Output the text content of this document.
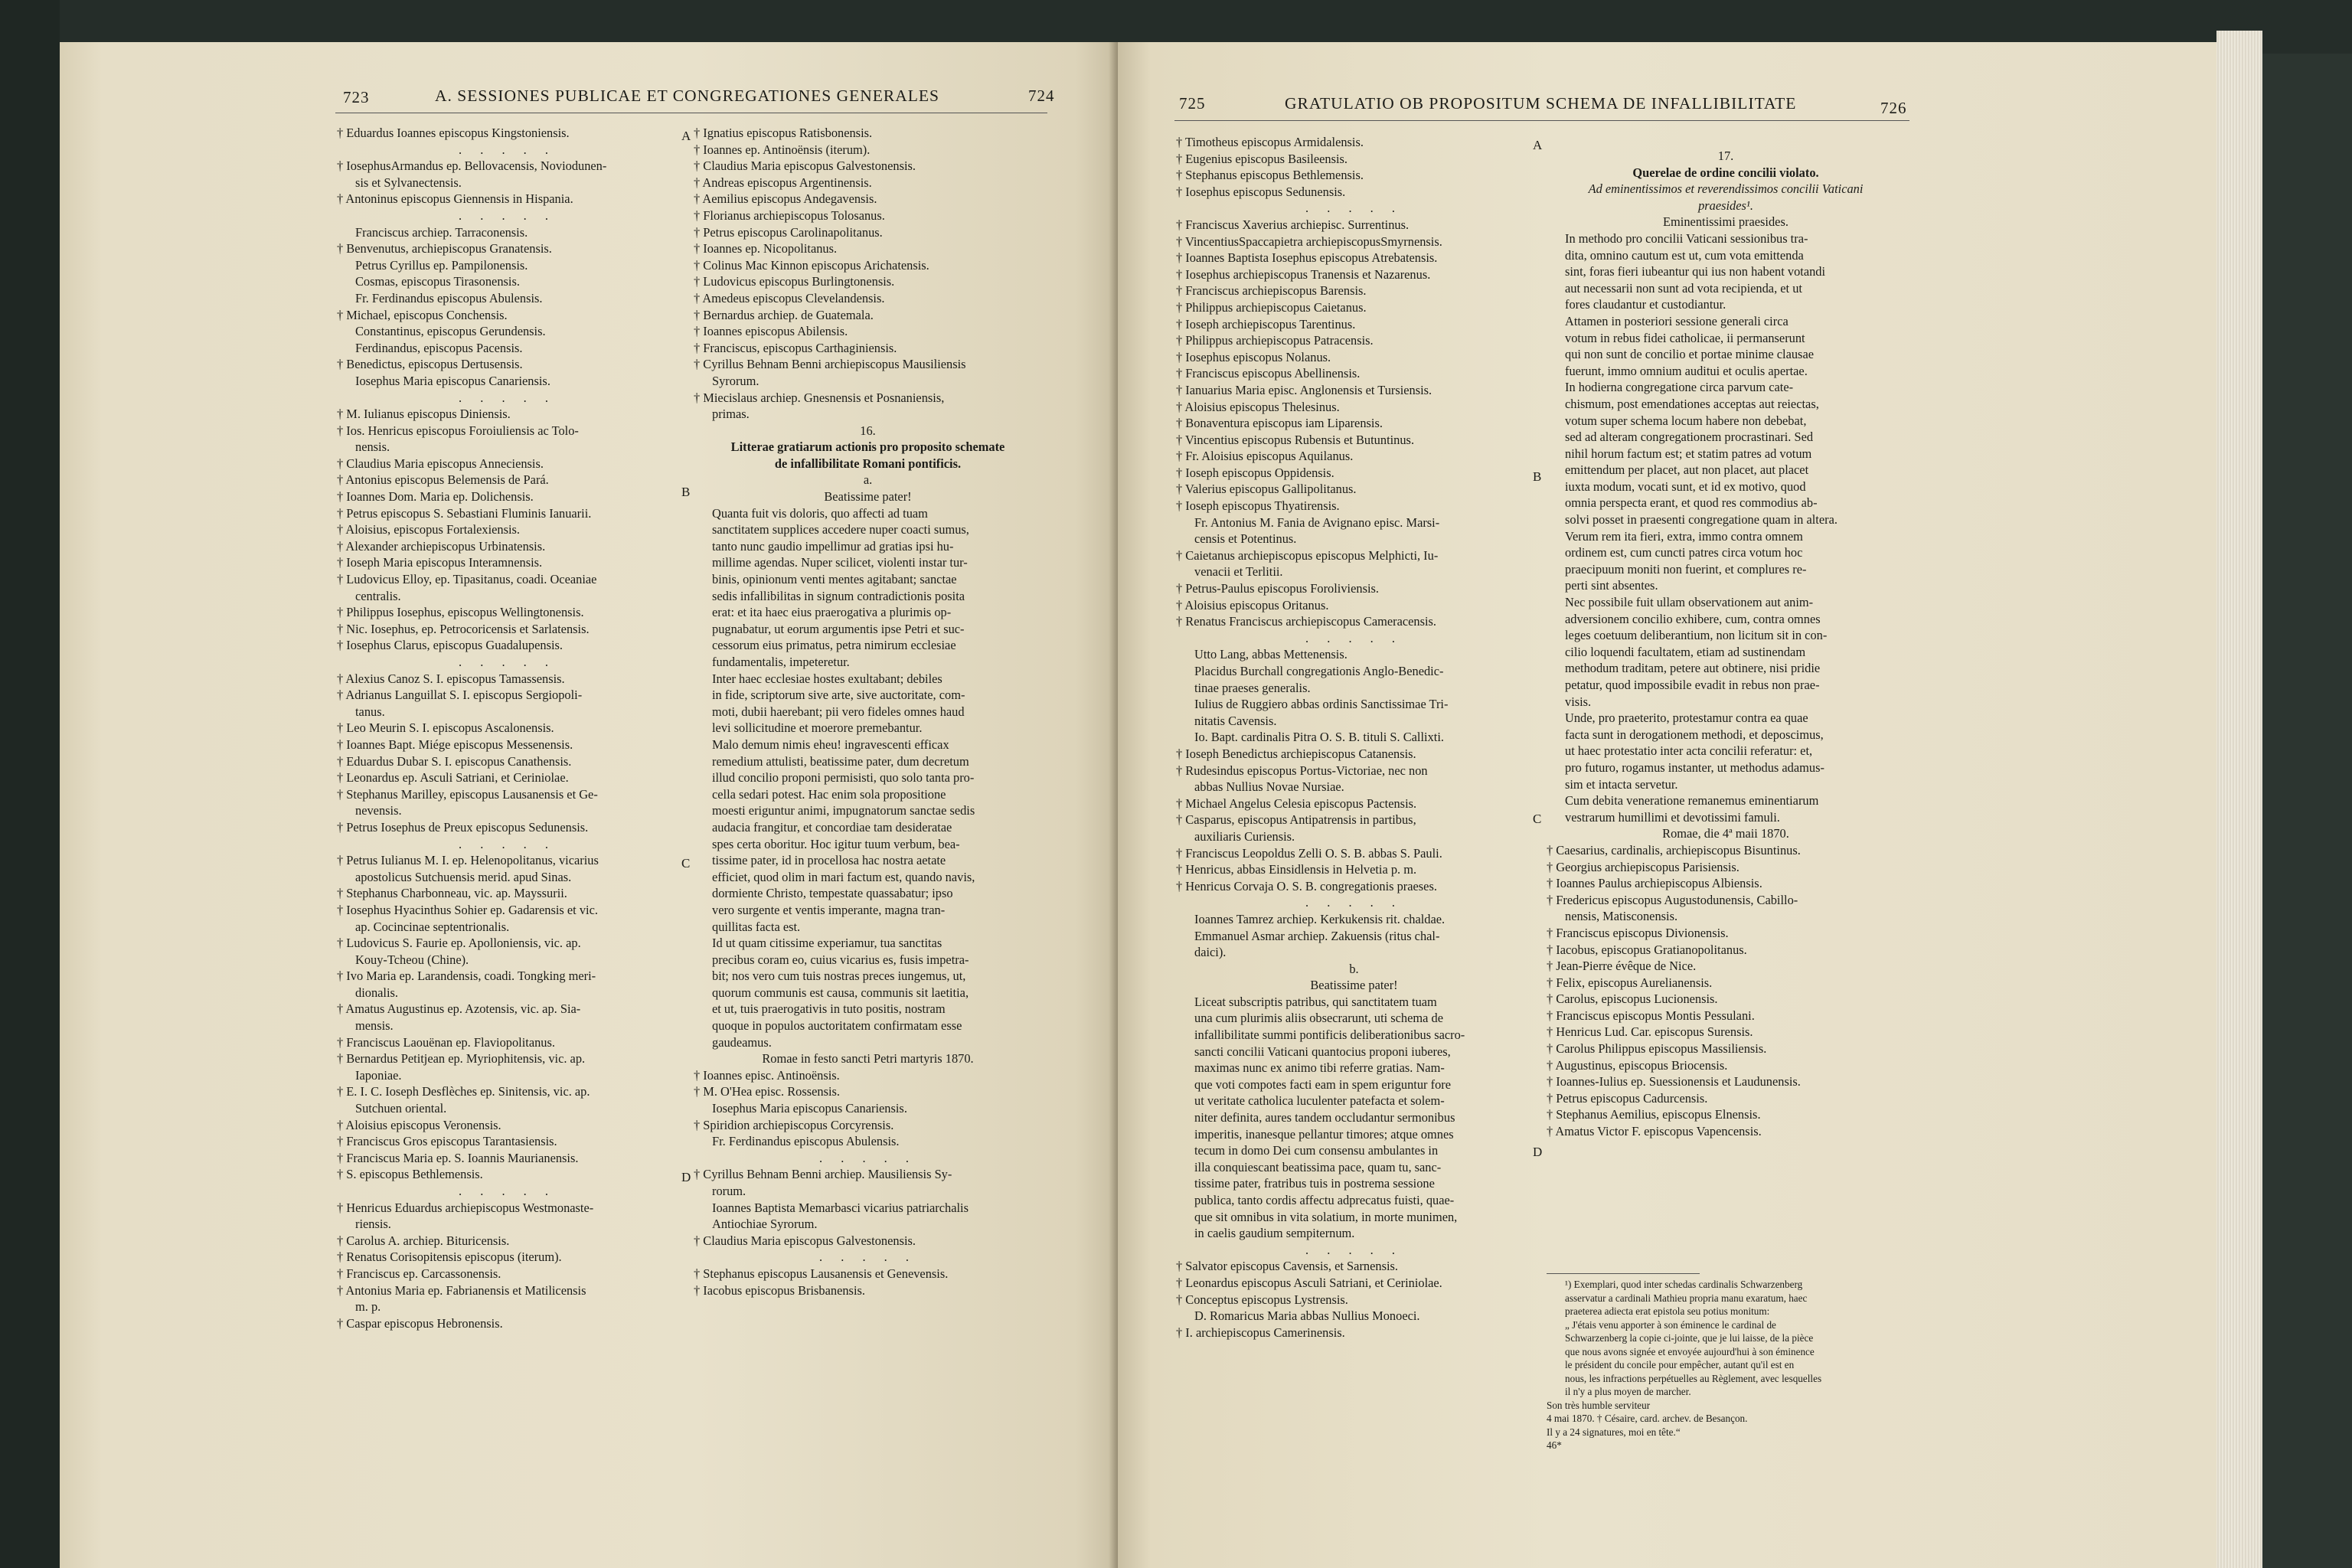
723	A. SESSIONES PUBLICAE ET CONGREGATIONES GENERALES	724
† Eduardus Ioannes episcopus Kingstoniensis.
. . . . .
† IosephusArmandus ep. Bellovacensis, Noviodunen-
sis et Sylvanectensis.
† Antoninus episcopus Giennensis in Hispania.
. . . . .
Franciscus archiep. Tarraconensis.
† Benvenutus, archiepiscopus Granatensis.
Petrus Cyrillus ep. Pampilonensis.
Cosmas, episcopus Tirasonensis.
Fr. Ferdinandus episcopus Abulensis.
† Michael, episcopus Conchensis.
Constantinus, episcopus Gerundensis.
Ferdinandus, episcopus Pacensis.
† Benedictus, episcopus Dertusensis.
Iosephus Maria episcopus Canariensis.
. . . . .
† M. Iulianus episcopus Diniensis.
† Ios. Henricus episcopus Foroiuliensis ac Tolo-
nensis.
† Claudius Maria episcopus Anneciensis.
† Antonius episcopus Belemensis de Pará.
† Ioannes Dom. Maria ep. Dolichensis.
† Petrus episcopus S. Sebastiani Fluminis Ianuarii.
† Aloisius, episcopus Fortalexiensis.
† Alexander archiepiscopus Urbinatensis.
† Ioseph Maria episcopus Interamnensis.
† Ludovicus Elloy, ep. Tipasitanus, coadi. Oceaniae
centralis.
† Philippus Iosephus, episcopus Wellingtonensis.
† Nic. Iosephus, ep. Petrocoricensis et Sarlatensis.
† Iosephus Clarus, episcopus Guadalupensis.
. . . . .
† Alexius Canoz S. I. episcopus Tamassensis.
† Adrianus Languillat S. I. episcopus Sergiopoli-
tanus.
† Leo Meurin S. I. episcopus Ascalonensis.
† Ioannes Bapt. Miége episcopus Messenensis.
† Eduardus Dubar S. I. episcopus Canathensis.
† Leonardus ep. Asculi Satriani, et Ceriniolae.
† Stephanus Marilley, episcopus Lausanensis et Ge-
nevensis.
† Petrus Iosephus de Preux episcopus Sedunensis.
. . . . .
† Petrus Iulianus M. I. ep. Helenopolitanus, vicarius
apostolicus Sutchuensis merid. apud Sinas.
† Stephanus Charbonneau, vic. ap. Mayssurii.
† Iosephus Hyacinthus Sohier ep. Gadarensis et vic.
ap. Cocincinae septentrionalis.
† Ludovicus S. Faurie ep. Apolloniensis, vic. ap.
Kouy-Tcheou (Chine).
† Ivo Maria ep. Larandensis, coadi. Tongking meri-
dionalis.
† Amatus Augustinus ep. Azotensis, vic. ap. Sia-
mensis.
† Franciscus Laouënan ep. Flaviopolitanus.
† Bernardus Petitjean ep. Myriophitensis, vic. ap.
Iaponiae.
† E. I. C. Ioseph Desflèches ep. Sinitensis, vic. ap.
Sutchuen oriental.
† Aloisius episcopus Veronensis.
† Franciscus Gros episcopus Tarantasiensis.
† Franciscus Maria ep. S. Ioannis Maurianensis.
† S. episcopus Bethlemensis.
. . . . .
† Henricus Eduardus archiepiscopus Westmonaste-
riensis.
† Carolus A. archiep. Bituricensis.
† Renatus Corisopitensis episcopus (iterum).
† Franciscus ep. Carcassonensis.
† Antonius Maria ep. Fabrianensis et Matilicensis
m. p.
† Caspar episcopus Hebronensis.
† Ignatius episcopus Ratisbonensis.
† Ioannes ep. Antinoënsis (iterum).
† Claudius Maria episcopus Galvestonensis.
† Andreas episcopus Argentinensis.
† Aemilius episcopus Andegavensis.
† Florianus archiepiscopus Tolosanus.
† Petrus episcopus Carolinapolitanus.
† Ioannes ep. Nicopolitanus.
† Colinus Mac Kinnon episcopus Arichatensis.
† Ludovicus episcopus Burlingtonensis.
† Amedeus episcopus Clevelandensis.
† Bernardus archiep. de Guatemala.
† Ioannes episcopus Abilensis.
† Franciscus, episcopus Carthaginiensis.
† Cyrillus Behnam Benni archiepiscopus Mausiliensis
Syrorum.
† Miecislaus archiep. Gnesnensis et Posnaniensis,
primas.
16.
Litterae gratiarum actionis pro proposito schemate
de infallibilitate Romani pontificis.
a.
Beatissime pater!
Quanta fuit vis doloris, quo affecti ad tuam
sanctitatem supplices accedere nuper coacti sumus,
tanto nunc gaudio impellimur ad gratias ipsi hu-
millime agendas. Nuper scilicet, violenti instar tur-
binis, opinionum venti mentes agitabant; sanctae
sedis infallibilitas in signum contradictionis posita
erat: et ita haec eius praerogativa a plurimis op-
pugnabatur, ut eorum argumentis ipse Petri et suc-
cessorum eius primatus, petra nimirum ecclesiae
fundamentalis, impeteretur.
Inter haec ecclesiae hostes exultabant; debiles
in fide, scriptorum sive arte, sive auctoritate, com-
moti, dubii haerebant; pii vero fideles omnes haud
levi sollicitudine et moerore premebantur.
Malo demum nimis eheu! ingravescenti efficax
remedium attulisti, beatissime pater, dum decretum
illud concilio proponi permisisti, quo solo tanta pro-
cella sedari potest. Hac enim sola propositione
moesti eriguntur animi, impugnatorum sanctae sedis
audacia frangitur, et concordiae tam desideratae
spes certa oboritur. Hoc igitur tuum verbum, bea-
tissime pater, id in procellosa hac nostra aetate
efficiet, quod olim in mari factum est, quando navis,
dormiente Christo, tempestate quassabatur; ipso
vero surgente et ventis imperante, magna tran-
quillitas facta est.
Id ut quam citissime experiamur, tua sanctitas
precibus coram eo, cuius vicarius es, fusis impetra-
bit; nos vero cum tuis nostras preces iungemus, ut,
quorum communis est causa, communis sit laetitia,
et ut, tuis praerogativis in tuto positis, nostram
quoque in populos auctoritatem confirmatam esse
gaudeamus.
Romae in festo sancti Petri martyris 1870.
† Ioannes episc. Antinoënsis.
† M. O'Hea episc. Rossensis.
Iosephus Maria episcopus Canariensis.
† Spiridion archiepiscopus Corcyrensis.
Fr. Ferdinandus episcopus Abulensis.
. . . . .
† Cyrillus Behnam Benni archiep. Mausiliensis Sy-
rorum.
Ioannes Baptista Memarbasci vicarius patriarchalis
Antiochiae Syrorum.
† Claudius Maria episcopus Galvestonensis.
. . . . .
† Stephanus episcopus Lausanensis et Genevensis.
† Iacobus episcopus Brisbanensis.
A
B
C
D
725	GRATULATIO OB PROPOSITUM SCHEMA DE INFALLIBILITATE	726
† Timotheus episcopus Armidalensis.
† Eugenius episcopus Basileensis.
† Stephanus episcopus Bethlemensis.
† Iosephus episcopus Sedunensis.
. . . . .
† Franciscus Xaverius archiepisc. Surrentinus.
† VincentiusSpaccapietra archiepiscopusSmyrnensis.
† Ioannes Baptista Iosephus episcopus Atrebatensis.
† Iosephus archiepiscopus Tranensis et Nazarenus.
† Franciscus archiepiscopus Barensis.
† Philippus archiepiscopus Caietanus.
† Ioseph archiepiscopus Tarentinus.
† Philippus archiepiscopus Patracensis.
† Iosephus episcopus Nolanus.
† Franciscus episcopus Abellinensis.
† Ianuarius Maria episc. Anglonensis et Tursiensis.
† Aloisius episcopus Thelesinus.
† Bonaventura episcopus iam Liparensis.
† Vincentius episcopus Rubensis et Butuntinus.
† Fr. Aloisius episcopus Aquilanus.
† Ioseph episcopus Oppidensis.
† Valerius episcopus Gallipolitanus.
† Ioseph episcopus Thyatirensis.
Fr. Antonius M. Fania de Avignano episc. Marsi-
censis et Potentinus.
† Caietanus archiepiscopus episcopus Melphicti, Iu-
venacii et Terlitii.
† Petrus-Paulus episcopus Foroliviensis.
† Aloisius episcopus Oritanus.
† Renatus Franciscus archiepiscopus Cameracensis.
. . . . .
Utto Lang, abbas Mettenensis.
Placidus Burchall congregationis Anglo-Benedic-
tinae praeses generalis.
Iulius de Ruggiero abbas ordinis Sanctissimae Tri-
nitatis Cavensis.
Io. Bapt. cardinalis Pitra O. S. B. tituli S. Callixti.
† Ioseph Benedictus archiepiscopus Catanensis.
† Rudesindus episcopus Portus-Victoriae, nec non
abbas Nullius Novae Nursiae.
† Michael Angelus Celesia episcopus Pactensis.
† Casparus, episcopus Antipatrensis in partibus,
auxiliaris Curiensis.
† Franciscus Leopoldus Zelli O. S. B. abbas S. Pauli.
† Henricus, abbas Einsidlensis in Helvetia p. m.
† Henricus Corvaja O. S. B. congregationis praeses.
. . . . .
Ioannes Tamrez archiep. Kerkukensis rit. chaldae.
Emmanuel Asmar archiep. Zakuensis (ritus chal-
daici).
b.
Beatissime pater!
Liceat subscriptis patribus, qui sanctitatem tuam
una cum plurimis aliis obsecrarunt, uti schema de
infallibilitate summi pontificis deliberationibus sacro-
sancti concilii Vaticani quantocius proponi iuberes,
maximas nunc ex animo tibi referre gratias. Nam-
que voti compotes facti eam in spem eriguntur fore
ut veritate catholica luculenter patefacta et solem-
niter definita, aures tandem occludantur sermonibus
imperitis, inanesque pellantur timores; atque omnes
tecum in domo Dei cum consensu ambulantes in
illa conquiescant beatissima pace, quam tu, sanc-
tissime pater, fratribus tuis in postrema sessione
publica, tanto cordis affectu adprecatus fuisti, quae-
que sit omnibus in vita solatium, in morte munimen,
in caelis gaudium sempiternum.
. . . . .
† Salvator episcopus Cavensis, et Sarnensis.
† Leonardus episcopus Asculi Satriani, et Ceriniolae.
† Conceptus episcopus Lystrensis.
D. Romaricus Maria abbas Nullius Monoeci.
† I. archiepiscopus Camerinensis.
17.
Querelae de ordine concilii violato.
Ad eminentissimos et reverendissimos concilii Vaticani
praesides¹.
Eminentissimi praesides.
In methodo pro concilii Vaticani sessionibus tra-
dita, omnino cautum est ut, cum vota emittenda
sint, foras fieri iubeantur qui ius non habent votandi
aut necessarii non sunt ad vota recipienda, et ut
fores claudantur et custodiantur.
Attamen in posteriori sessione generali circa
votum in rebus fidei catholicae, ii permanserunt
qui non sunt de concilio et portae minime clausae
fuerunt, immo omnium auditui et oculis apertae.
In hodierna congregatione circa parvum cate-
chismum, post emendationes acceptas aut reiectas,
votum super schema locum habere non debebat,
sed ad alteram congregationem procrastinari. Sed
nihil horum factum est; et statim patres ad votum
emittendum per placet, aut non placet, aut placet
iuxta modum, vocati sunt, et id ex motivo, quod
omnia perspecta erant, et quod res commodius ab-
solvi posset in praesenti congregatione quam in altera.
Verum rem ita fieri, extra, immo contra omnem
ordinem est, cum cuncti patres circa votum hoc
praecipuum moniti non fuerint, et complures re-
perti sint absentes.
Nec possibile fuit ullam observationem aut anim-
adversionem concilio exhibere, cum, contra omnes
leges coetuum deliberantium, non licitum sit in con-
cilio loquendi facultatem, etiam ad sustinendam
methodum traditam, petere aut obtinere, nisi pridie
petatur, quod impossibile evadit in rebus non prae-
visis.
Unde, pro praeterito, protestamur contra ea quae
facta sunt in derogationem methodi, et deposcimus,
ut haec protestatio inter acta concilii referatur: et,
pro futuro, rogamus instanter, ut methodus adamus-
sim et intacta servetur.
Cum debita veneratione remanemus eminentiarum
vestrarum humillimi et devotissimi famuli.
Romae, die 4ª maii 1870.
† Caesarius, cardinalis, archiepiscopus Bisuntinus.
† Georgius archiepiscopus Parisiensis.
† Ioannes Paulus archiepiscopus Albiensis.
† Fredericus episcopus Augustodunensis, Cabillo-
nensis, Matisconensis.
† Franciscus episcopus Divionensis.
† Iacobus, episcopus Gratianopolitanus.
† Jean-Pierre évêque de Nice.
† Felix, episcopus Aurelianensis.
† Carolus, episcopus Lucionensis.
† Franciscus episcopus Montis Pessulani.
† Henricus Lud. Car. episcopus Surensis.
† Carolus Philippus episcopus Massiliensis.
† Augustinus, episcopus Briocensis.
† Ioannes-Iulius ep. Suessionensis et Laudunensis.
† Petrus episcopus Cadurcensis.
† Stephanus Aemilius, episcopus Elnensis.
† Amatus Victor F. episcopus Vapencensis.
A
B
C
D
¹) Exemplari, quod inter schedas cardinalis Schwarzenberg
asservatur a cardinali Mathieu propria manu exaratum, haec
praeterea adiecta erat epistola seu potius monitum:
„ J'étais venu apporter à son éminence le cardinal de
Schwarzenberg la copie ci-jointe, que je lui laisse, de la pièce
que nous avons signée et envoyée aujourd'hui à son éminence
le président du concile pour empêcher, autant qu'il est en
nous, les infractions perpétuelles au Règlement, avec lesquelles
il n'y a plus moyen de marcher.
Son très humble serviteur
4 mai 1870. † Césaire, card. archev. de Besançon.
Il y a 24 signatures, moi en tête.“
46*
